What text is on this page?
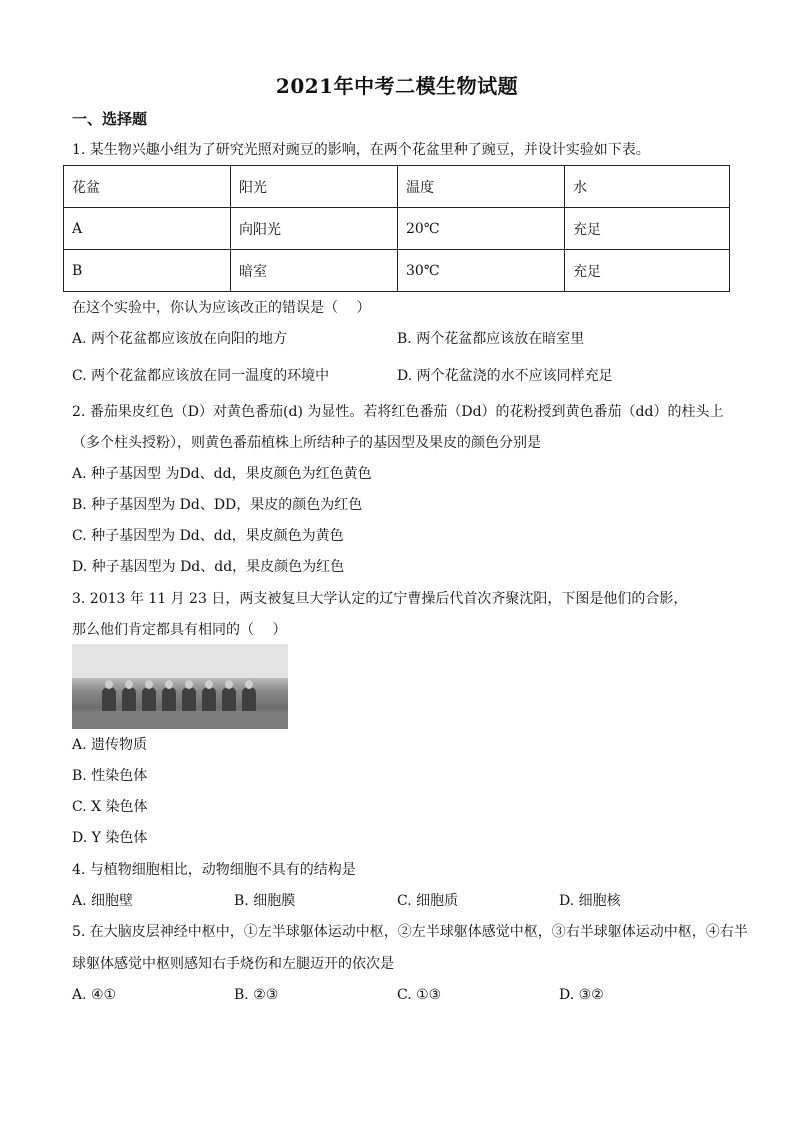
2021年中考二模生物试题
一、选择题
1. 某生物兴趣小组为了研究光照对豌豆的影响，在两个花盆里种了豌豆，并设计实验如下表。
花盆	阳光	温度	水
A	向阳光	20℃	充足
B	暗室	30℃	充足
在这个实验中，你认为应该改正的错误是（　 ）
A. 两个花盆都应该放在向阳的地方	B. 两个花盆都应该放在暗室里
C. 两个花盆都应该放在同一温度的环境中	D. 两个花盆浇的水不应该同样充足
2. 番茄果皮红色（D）对黄色番茄(d) 为显性。若将红色番茄（Dd）的花粉授到黄色番茄（dd）的柱头上
（多个柱头授粉），则黄色番茄植株上所结种子的基因型及果皮的颜色分别是
A. 种子基因型 为Dd、dd，果皮颜色为红色黄色
B. 种子基因型为 Dd、DD，果皮的颜色为红色
C. 种子基因型为 Dd、dd，果皮颜色为黄色
D. 种子基因型为 Dd、dd，果皮颜色为红色
3. 2013 年 11 月 23 日，两支被复旦大学认定的辽宁曹操后代首次齐聚沈阳，下图是他们的合影，
那么他们肯定都具有相同的（　 ）
A. 遗传物质
B. 性染色体
C. X 染色体
D. Y 染色体
4. 与植物细胞相比，动物细胞不具有的结构是
A. 细胞壁	B. 细胞膜	C. 细胞质	D. 细胞核
5. 在大脑皮层神经中枢中，①左半球躯体运动中枢，②左半球躯体感觉中枢，③右半球躯体运动中枢，④右半
球躯体感觉中枢则感知右手烧伤和左腿迈开的依次是
A. ④①	B. ②③	C. ①③	D. ③②
